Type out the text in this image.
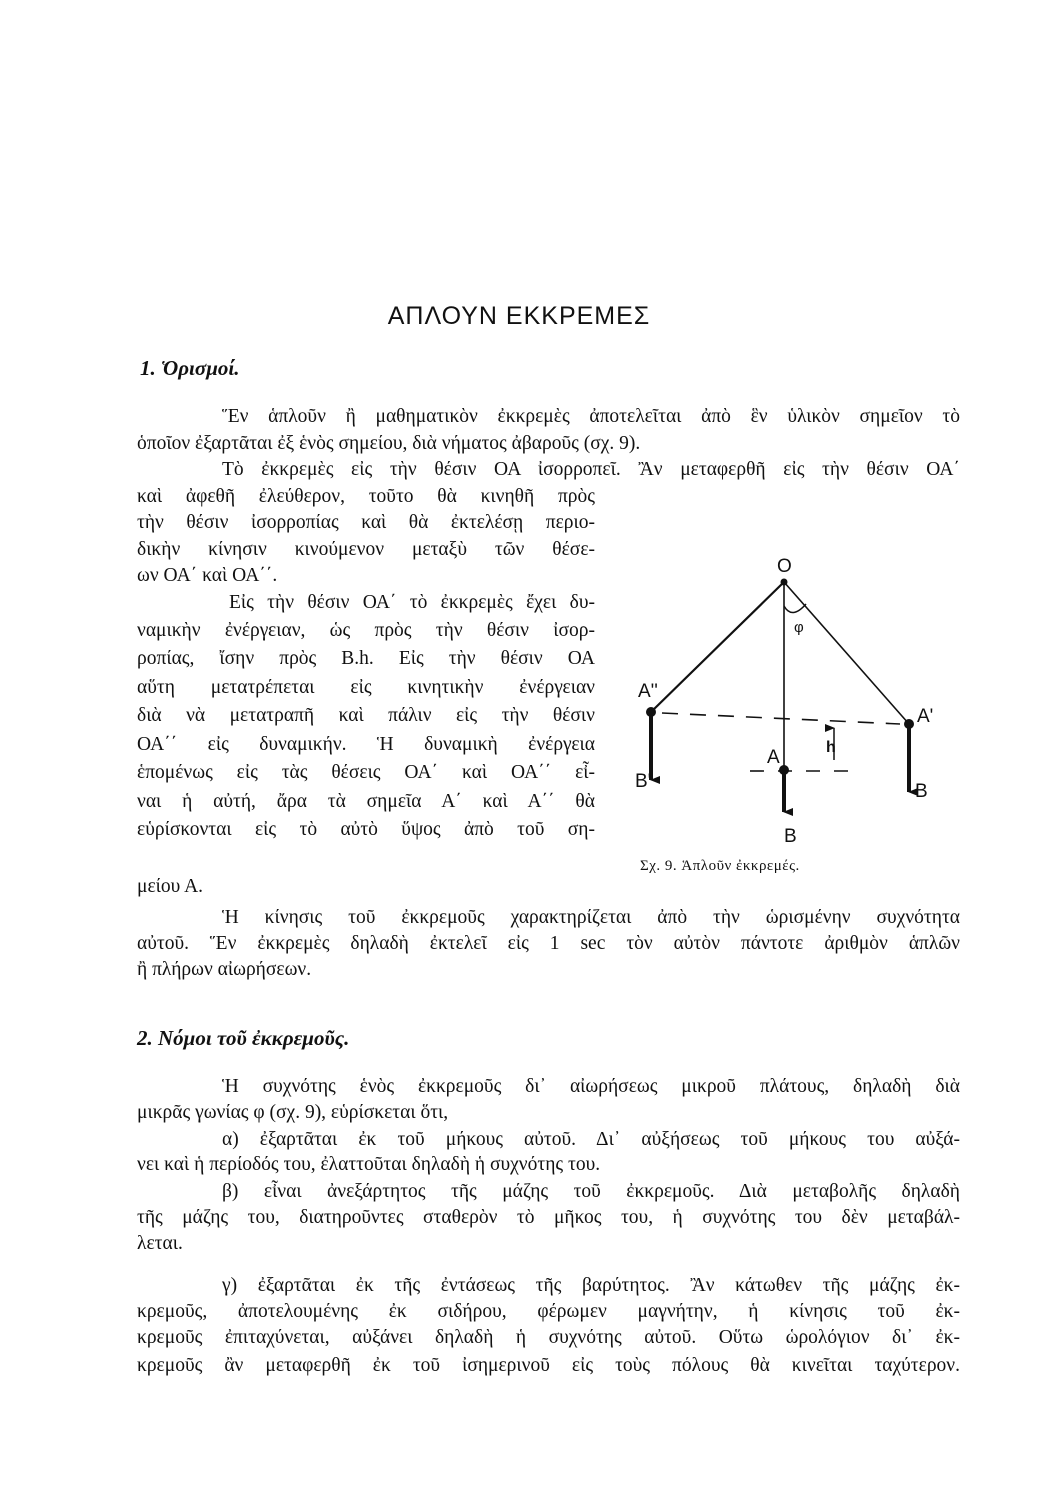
ΑΠΛΟΥΝ ΕΚΚΡΕΜΕΣ
1. Ὁρισμοί.
Ἕν ἁπλοῦν ἢ μαθηματικὸν ἐκκρεμὲς ἀποτελεῖται ἀπὸ ἓν ὑλικὸν σημεῖον τὸ
ὁποῖον ἐξαρτᾶται ἐξ ἑνὸς σημείου, διὰ νήματος ἀβαροῦς (σχ. 9).
Τὸ ἐκκρεμὲς εἰς τὴν θέσιν ΟΑ ἰσορροπεῖ. Ἂν μεταφερθῆ εἰς τὴν θέσιν ΟΑ΄
καὶ ἀφεθῆ ἐλεύθερον, τοῦτο θὰ κινηθῆ πρὸς
τὴν θέσιν ἰσορροπίας καὶ θὰ ἐκτελέσῃ περιο-
δικὴν κίνησιν κινούμενον μεταξὺ τῶν θέσε-
ων ΟΑ΄ καὶ ΟΑ΄΄.
Εἰς τὴν θέσιν ΟΑ΄ τὸ ἐκκρεμὲς ἔχει δυ-
ναμικὴν ἐνέργειαν, ὡς πρὸς τὴν θέσιν ἰσορ-
ροπίας, ἴσην πρὸς Β.h. Εἰς τὴν θέσιν ΟΑ
αὕτη μετατρέπεται εἰς κινητικὴν ἐνέργειαν
διὰ νὰ μετατραπῆ καὶ πάλιν εἰς τὴν θέσιν
ΟΑ΄΄ εἰς δυναμικήν. Ἡ δυναμικὴ ἐνέργεια
ἑπομένως εἰς τὰς θέσεις ΟΑ΄ καὶ ΟΑ΄΄ εἶ-
ναι ἡ αὐτή, ἄρα τὰ σημεῖα Α΄ καὶ Α΄΄ θὰ
εὑρίσκονται εἰς τὸ αὐτὸ ὕψος ἀπὸ τοῦ ση-
μείου Α.
Ἡ κίνησις τοῦ ἐκκρεμοῦς χαρακτηρίζεται ἀπὸ τὴν ὡρισμένην συχνότητα
αὐτοῦ. Ἕν ἐκκρεμὲς δηλαδὴ ἐκτελεῖ εἰς 1 sec τὸν αὐτὸν πάντοτε ἀριθμὸν ἁπλῶν
ἢ πλήρων αἰωρήσεων.
O
φ
h
A''
A'
A
B'
B
B
Σχ. 9. Ἁπλοῦν ἐκκρεμές.
2. Νόμοι τοῦ ἐκκρεμοῦς.
Ἡ συχνότης ἑνὸς ἐκκρεμοῦς δι᾽ αἰωρήσεως μικροῦ πλάτους, δηλαδὴ διὰ
μικρᾶς γωνίας φ (σχ. 9), εὑρίσκεται ὅτι,
α) ἐξαρτᾶται ἐκ τοῦ μήκους αὐτοῦ. Δι᾽ αὐξήσεως τοῦ μήκους του αὐξά-
νει καὶ ἡ περίοδός του, ἐλαττοῦται δηλαδὴ ἡ συχνότης του.
β) εἶναι ἀνεξάρτητος τῆς μάζης τοῦ ἐκκρεμοῦς. Διὰ μεταβολῆς δηλαδὴ
τῆς μάζης του, διατηροῦντες σταθερὸν τὸ μῆκος του, ἡ συχνότης του δὲν μεταβάλ-
λεται.
γ) ἐξαρτᾶται ἐκ τῆς ἐντάσεως τῆς βαρύτητος. Ἂν κάτωθεν τῆς μάζης ἐκ-
κρεμοῦς, ἀποτελουμένης ἐκ σιδήρου, φέρωμεν μαγνήτην, ἡ κίνησις τοῦ ἐκ-
κρεμοῦς ἐπιταχύνεται, αὐξάνει δηλαδὴ ἡ συχνότης αὐτοῦ. Οὕτω ὡρολόγιον δι᾽ ἐκ-
κρεμοῦς ἂν μεταφερθῆ ἐκ τοῦ ἰσημερινοῦ εἰς τοὺς πόλους θὰ κινεῖται ταχύτερον.
